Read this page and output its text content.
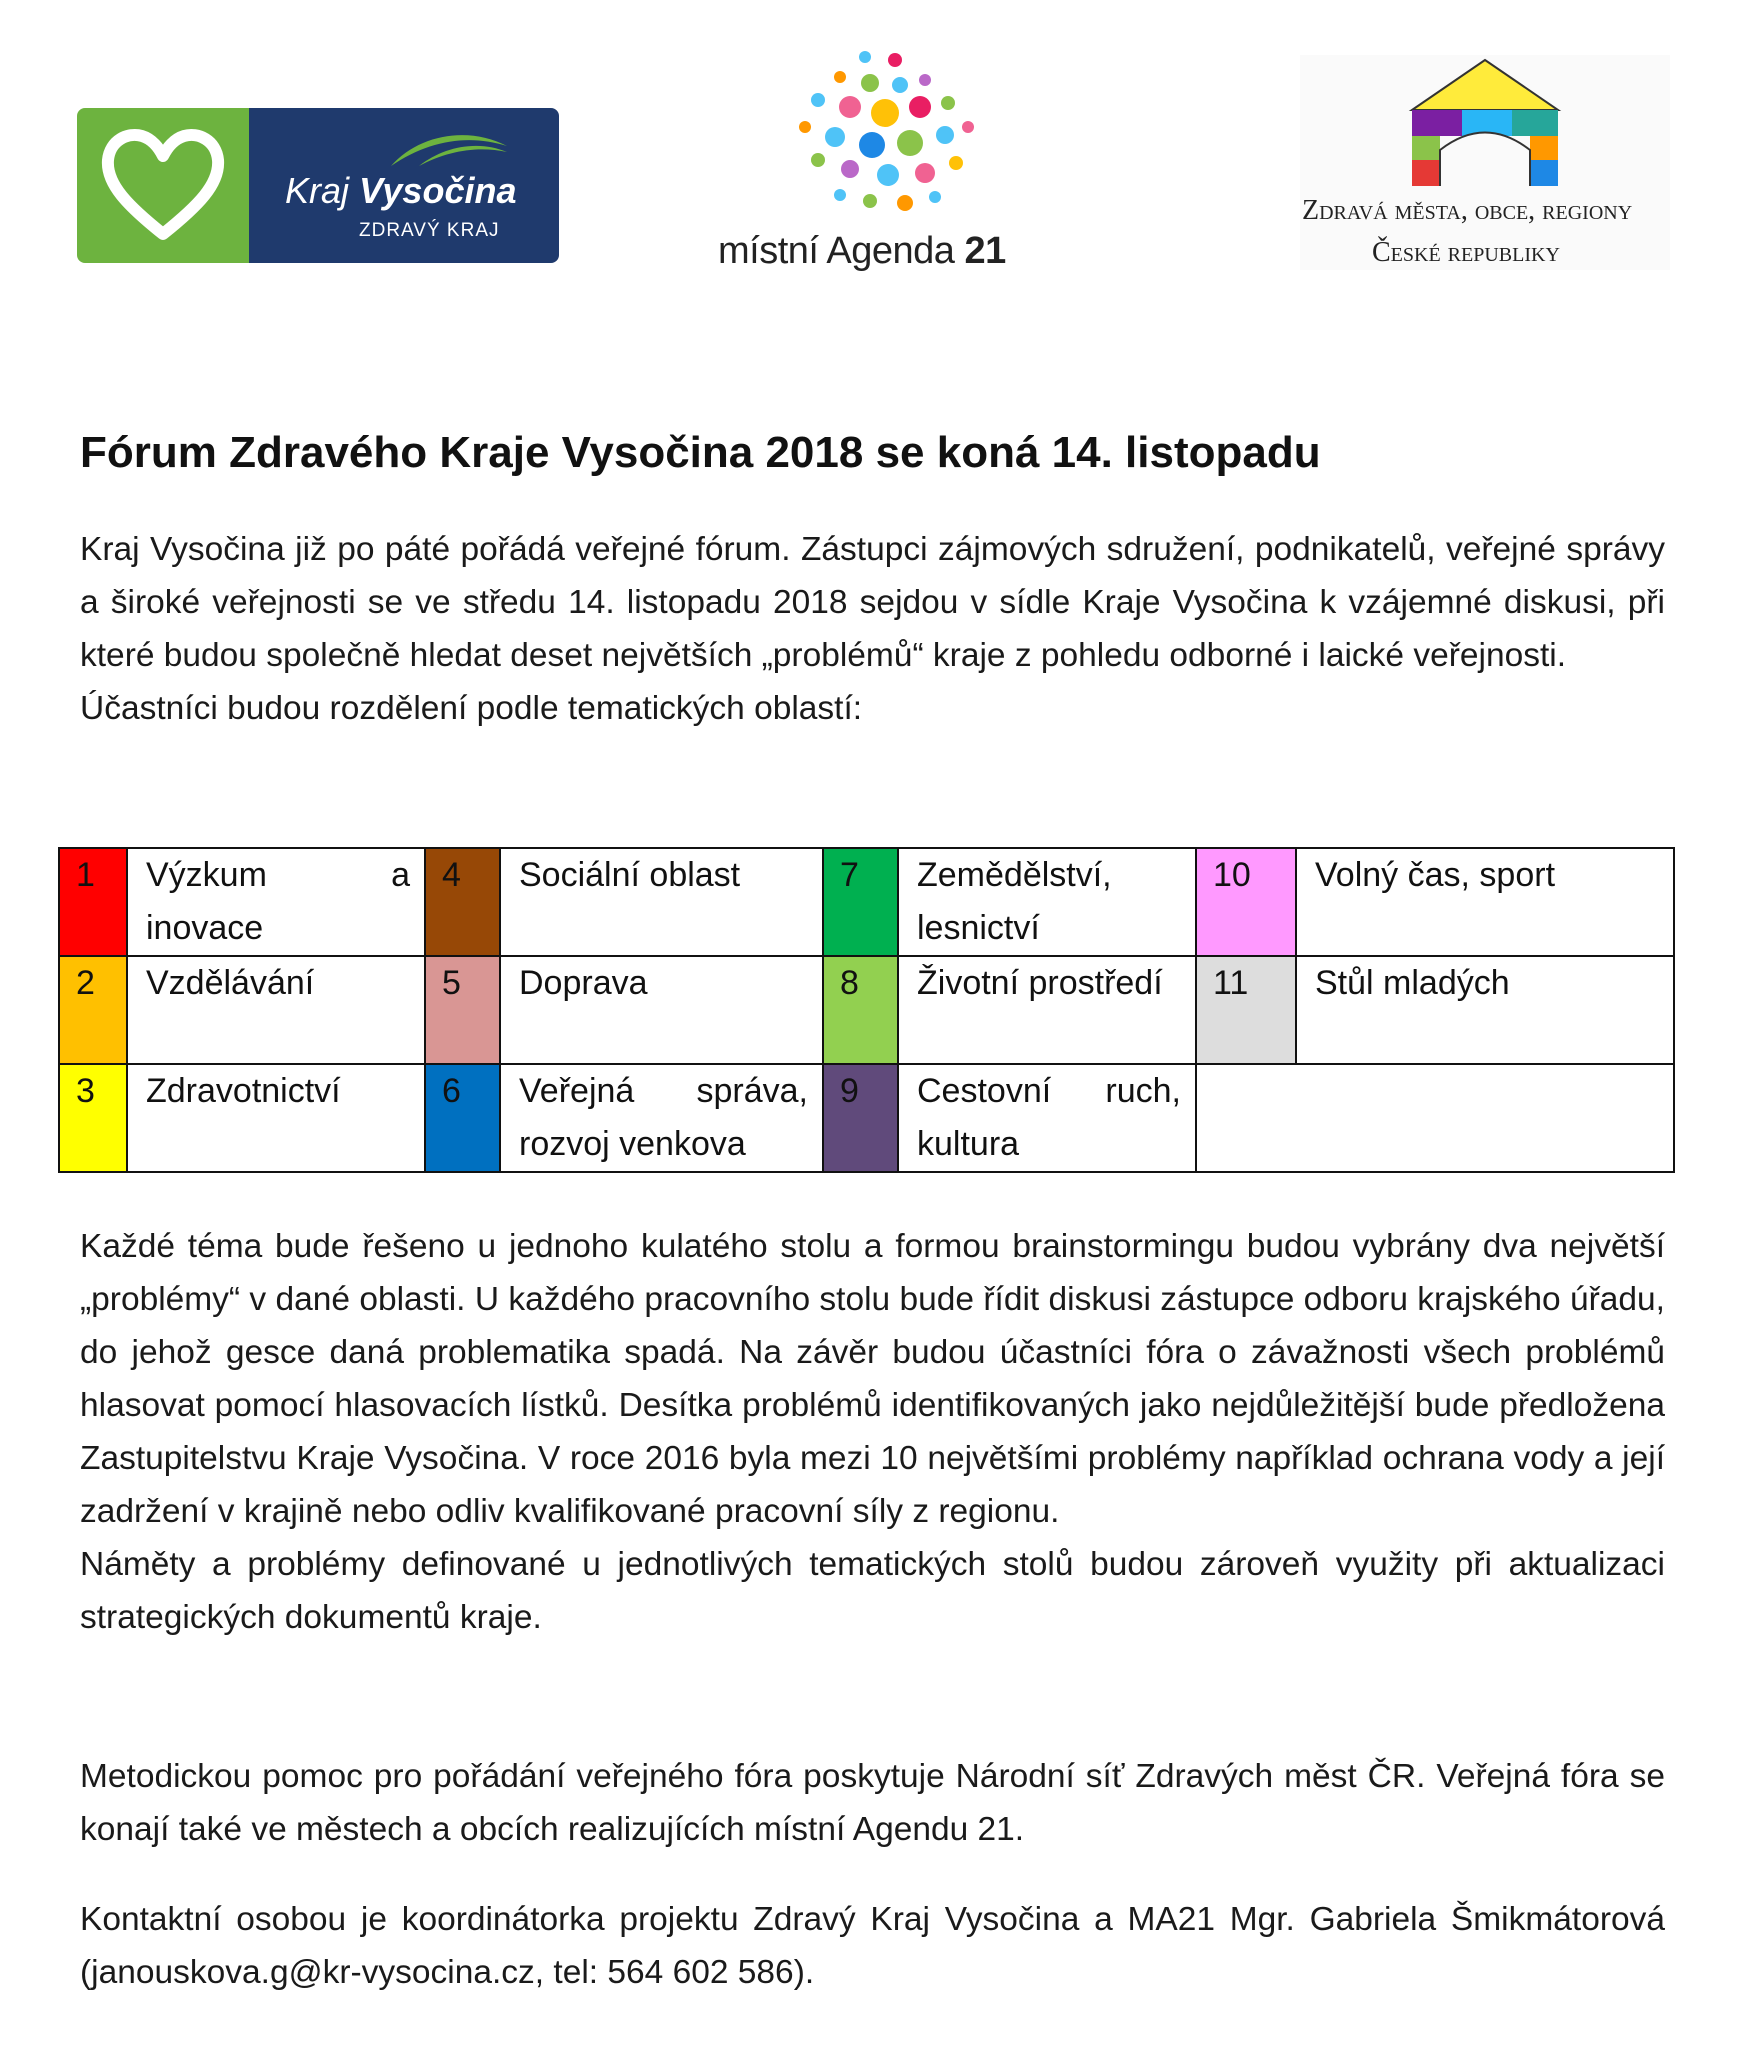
Kraj Vysočina
ZDRAVÝ KRAJ	místní Agenda 21
Zdravá města, obce, regiony
České republiky
Fórum Zdravého Kraje Vysočina 2018 se koná 14. listopadu
Kraj Vysočina již po páté pořádá veřejné fórum. Zástupci zájmových sdružení, podnikatelů, veřejné správy a široké veřejnosti se ve středu 14. listopadu 2018 sejdou v sídle Kraje Vysočina k vzájemné diskusi, při které budou společně hledat deset největších „problémů“ kraje z pohledu odborné i laické veřejnosti.
Účastníci budou rozdělení podle tematických oblastí:
1	Výzkum a inovace	4	Sociální oblast	7	Zemědělství, lesnictví	10	Volný čas, sport
2	Vzdělávání	5	Doprava	8	Životní prostředí	11	Stůl mladých
3	Zdravotnictví	6	Veřejná správa, rozvoj venkova	9	Cestovní ruch, kultura		
Každé téma bude řešeno u jednoho kulatého stolu a formou brainstormingu budou vybrány dva největší „problémy“ v dané oblasti. U každého pracovního stolu bude řídit diskusi zástupce odboru krajského úřadu, do jehož gesce daná problematika spadá. Na závěr budou účastníci fóra o závažnosti všech problémů hlasovat pomocí hlasovacích lístků. Desítka problémů identifikovaných jako nejdůležitější bude předložena Zastupitelstvu Kraje Vysočina. V roce 2016 byla mezi 10 největšími problémy například ochrana vody a její zadržení v krajině nebo odliv kvalifikované pracovní síly z regionu.
Náměty a problémy definované u jednotlivých tematických stolů budou zároveň využity při aktualizaci strategických dokumentů kraje.
Metodickou pomoc pro pořádání veřejného fóra poskytuje Národní síť Zdravých měst ČR. Veřejná fóra se konají také ve městech a obcích realizujících místní Agendu 21.
Kontaktní osobou je koordinátorka projektu Zdravý Kraj Vysočina a MA21 Mgr. Gabriela Šmikmátorová (janouskova.g@kr-vysocina.cz, tel: 564 602 586).
